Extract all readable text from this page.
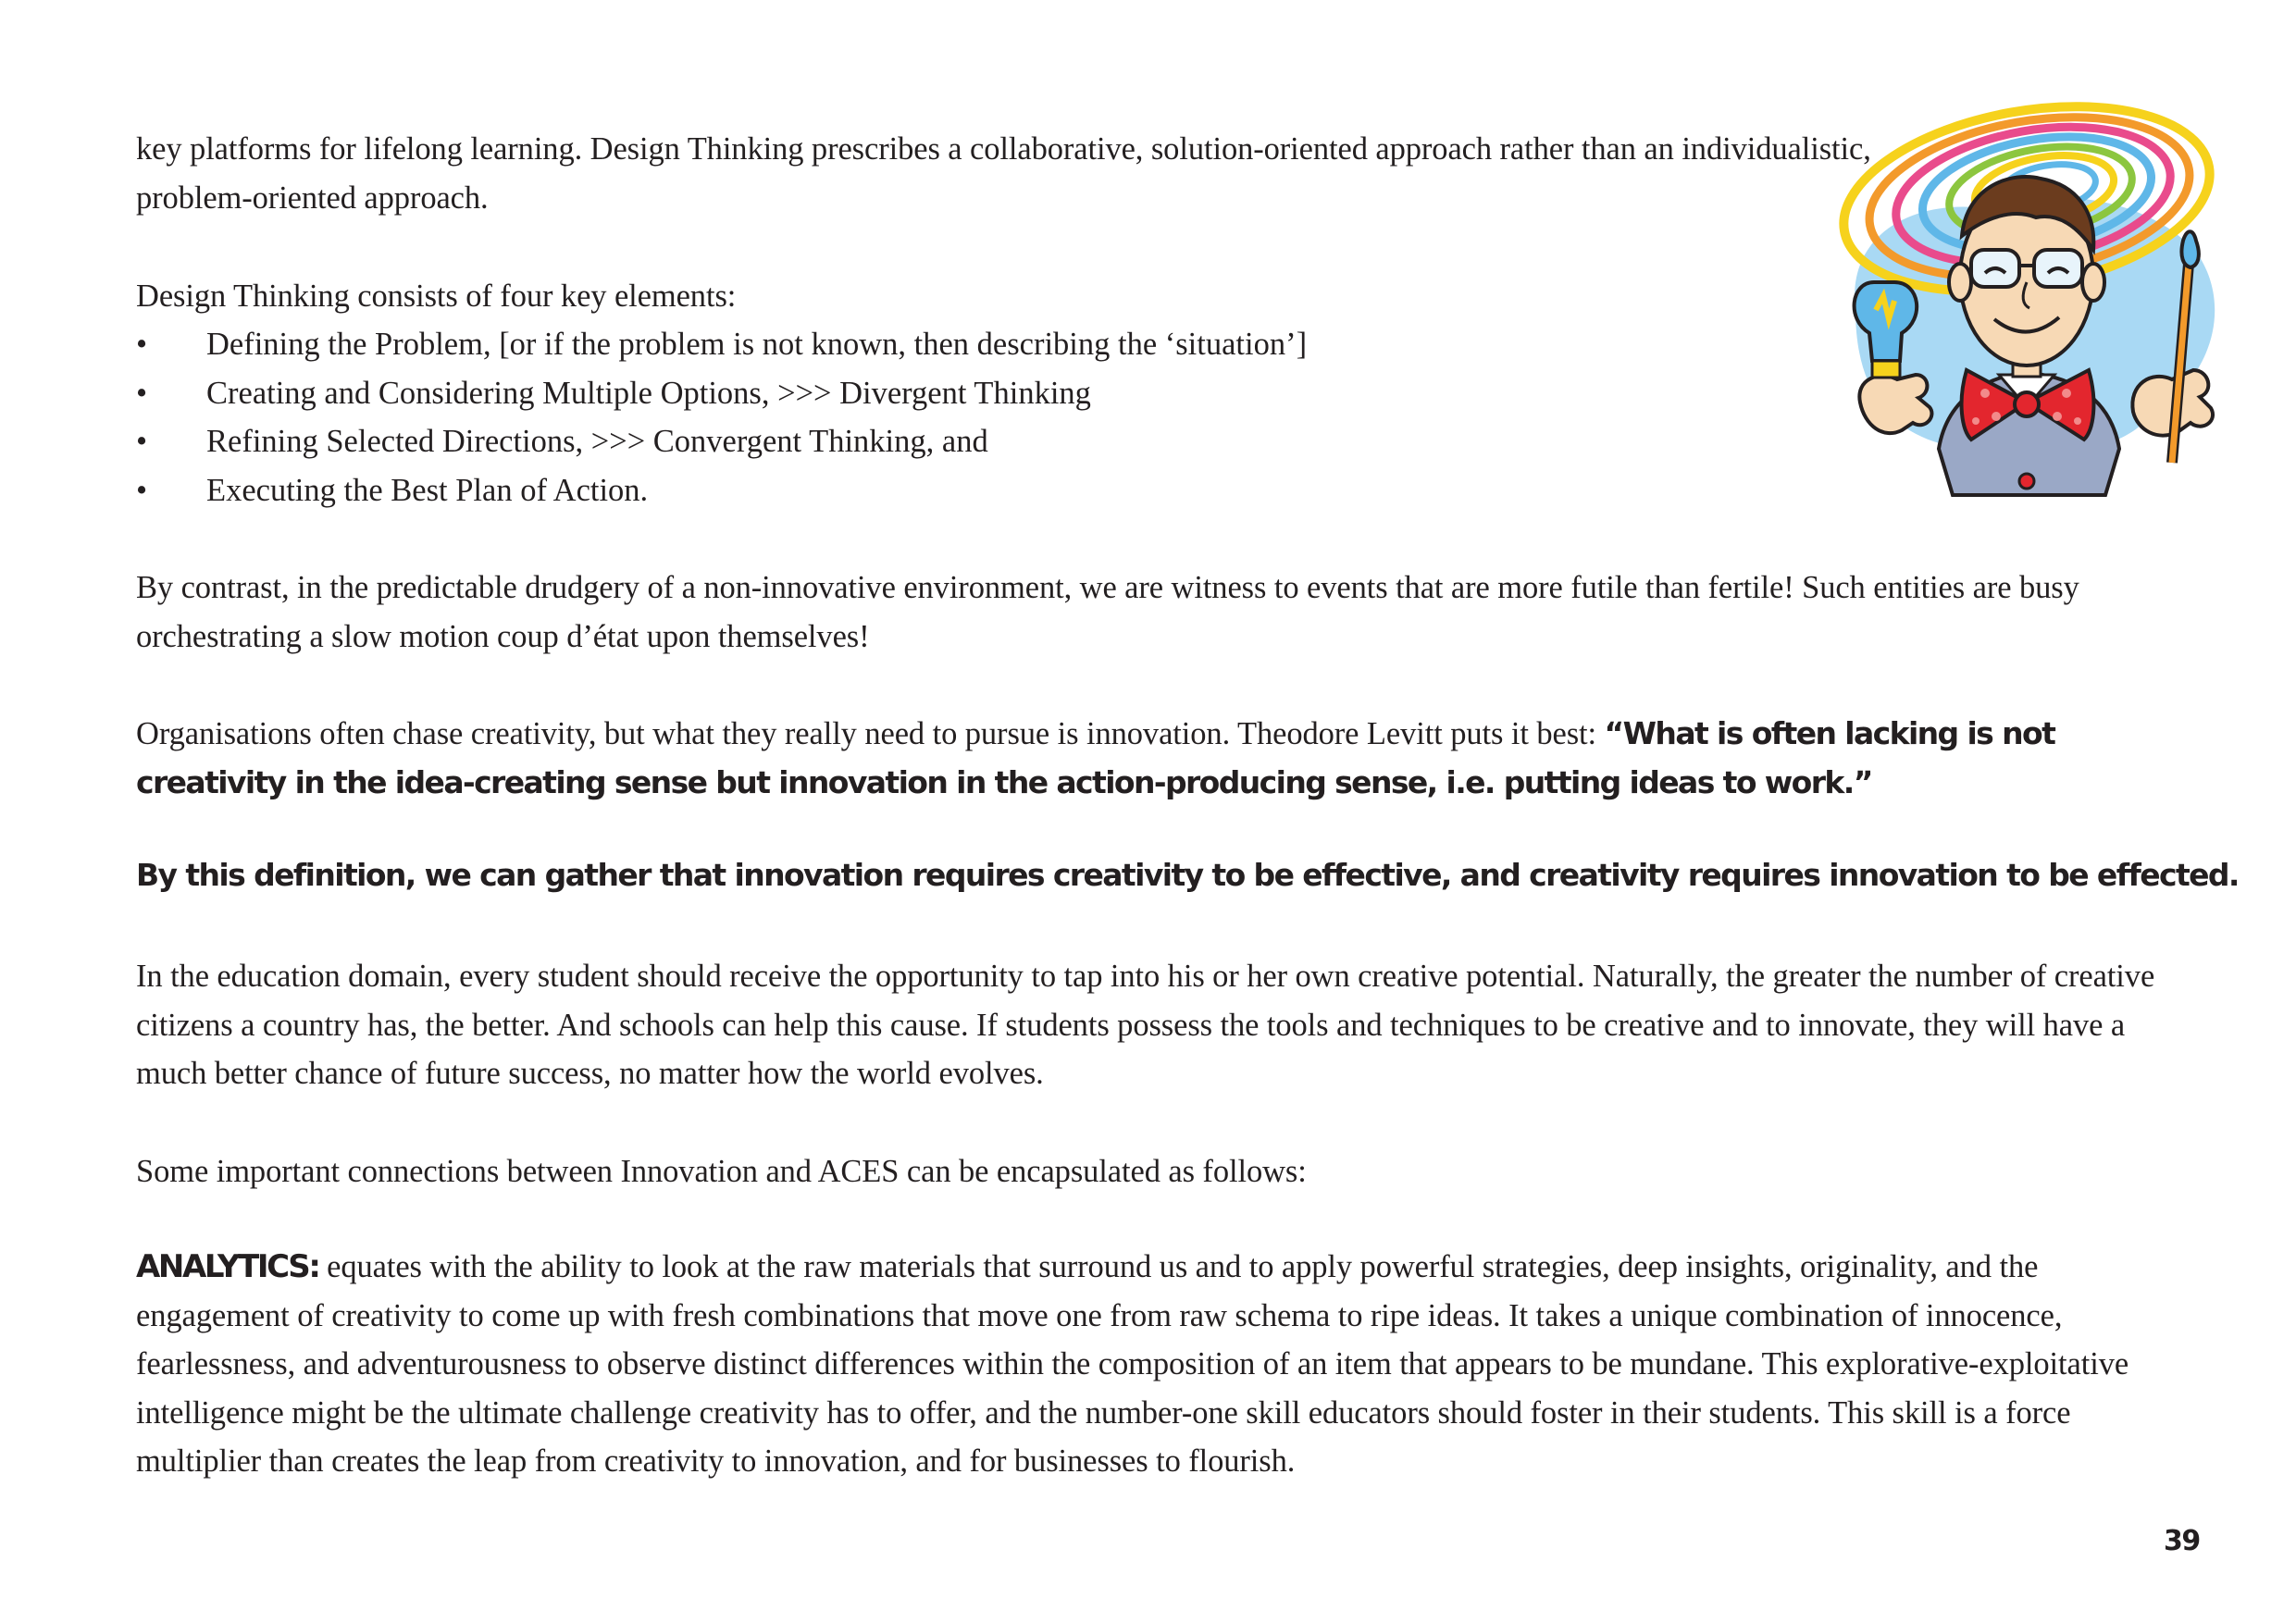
key platforms for lifelong learning. Design Thinking prescribes a collaborative, solution-oriented approach rather than an individualistic, problem-oriented approach.

Design Thinking consists of four key elements:

• Defining the Problem, [or if the problem is not known, then describing the ‘situation’]
• Creating and Considering Multiple Options, >>> Divergent Thinking
• Refining Selected Directions, >>> Convergent Thinking, and
• Executing the Best Plan of Action.

By contrast, in the predictable drudgery of a non-innovative environment, we are witness to events that are more futile than fertile! Such entities are busy orchestrating a slow motion coup d’état upon themselves!

Organisations often chase creativity, but what they really need to pursue is innovation. Theodore Levitt puts it best: “What is often lacking is not creativity in the idea-creating sense but innovation in the action-producing sense, i.e. putting ideas to work.”

By this definition, we can gather that innovation requires creativity to be effective, and creativity requires innovation to be effected.

In the education domain, every student should receive the opportunity to tap into his or her own creative potential. Naturally, the greater the number of creative citizens a country has, the better. And schools can help this cause. If students possess the tools and techniques to be creative and to innovate, they will have a much better chance of future success, no matter how the world evolves.

Some important connections between Innovation and ACES can be encapsulated as follows:

ANALYTICS: equates with the ability to look at the raw materials that surround us and to apply powerful strategies, deep insights, originality, and the engagement of creativity to come up with fresh combinations that move one from raw schema to ripe ideas. It takes a unique combination of innocence, fearlessness, and adventurousness to observe distinct differences within the composition of an item that appears to be mundane. This explorative-exploitative intelligence might be the ultimate challenge creativity has to offer, and the number-one skill educators should foster in their students. This skill is a force multiplier than creates the leap from creativity to innovation, and for businesses to flourish.

39
